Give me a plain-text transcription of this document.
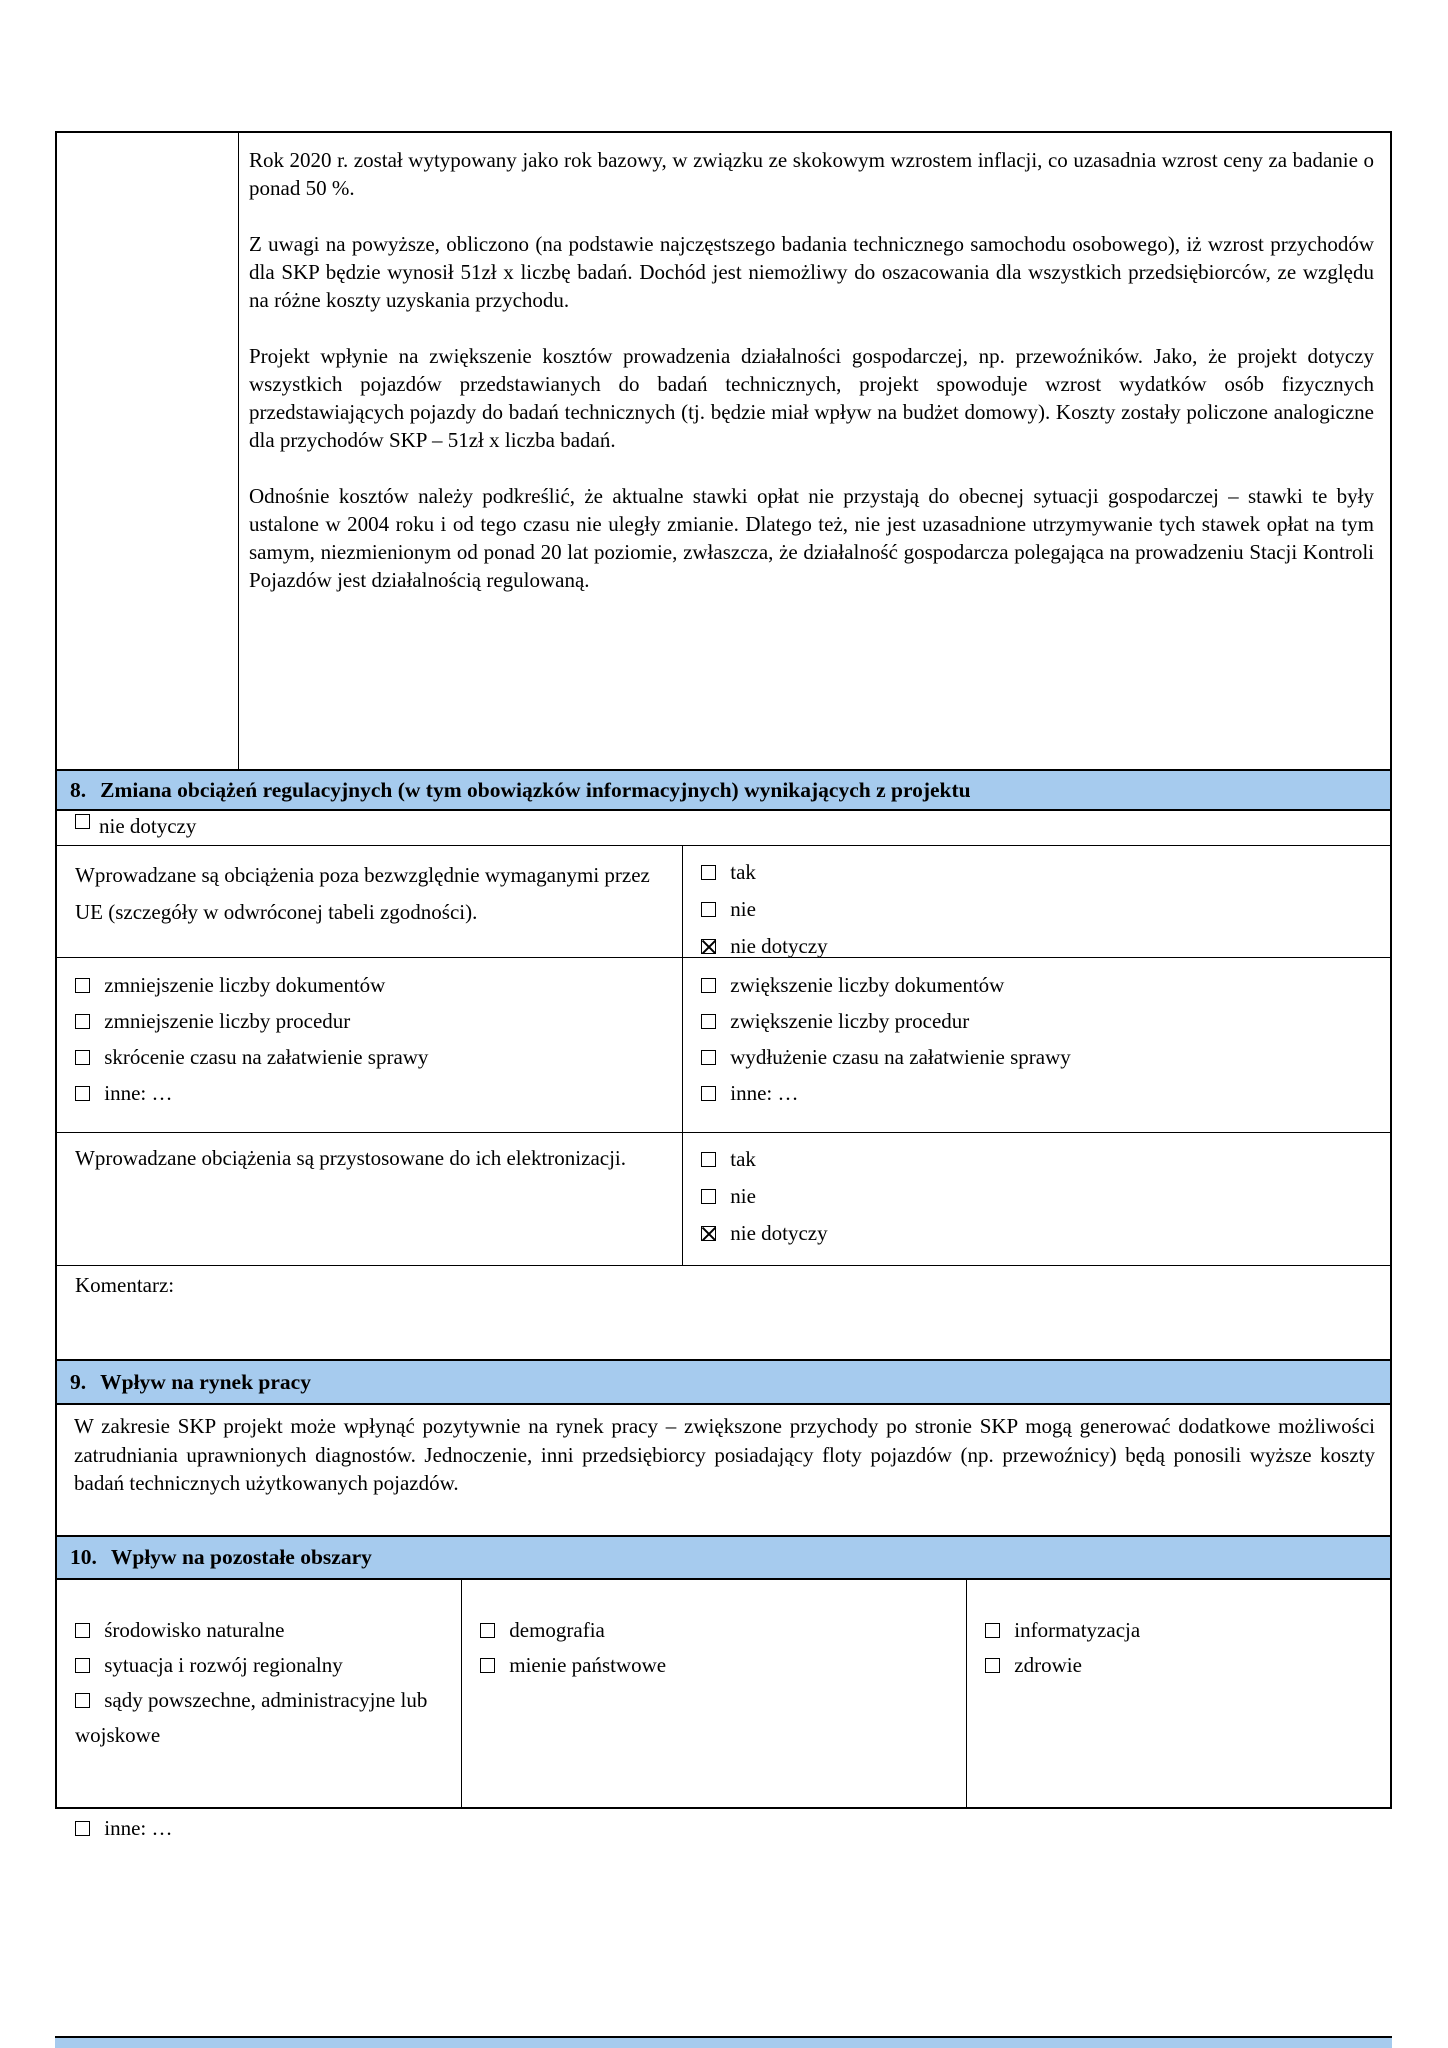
Rok 2020 r. został wytypowany jako rok bazowy, w związku ze skokowym wzrostem inflacji, co uzasadnia wzrost ceny za badanie o ponad 50 %.

Z uwagi na powyższe, obliczono (na podstawie najczęstszego badania technicznego samochodu osobowego), iż wzrost przychodów dla SKP będzie wynosił 51zł x liczbę badań. Dochód jest niemożliwy do oszacowania dla wszystkich przedsiębiorców, ze względu na różne koszty uzyskania przychodu.

Projekt wpłynie na zwiększenie kosztów prowadzenia działalności gospodarczej, np. przewoźników. Jako, że projekt dotyczy wszystkich pojazdów przedstawianych do badań technicznych, projekt spowoduje wzrost wydatków osób fizycznych przedstawiających pojazdy do badań technicznych (tj. będzie miał wpływ na budżet domowy). Koszty zostały policzone analogiczne dla przychodów SKP – 51zł x liczba badań.

Odnośnie kosztów należy podkreślić, że aktualne stawki opłat nie przystają do obecnej sytuacji gospodarczej – stawki te były ustalone w 2004 roku i od tego czasu nie uległy zmianie. Dlatego też, nie jest uzasadnione utrzymywanie tych stawek opłat na tym samym, niezmienionym od ponad 20 lat poziomie, zwłaszcza, że działalność gospodarcza polegająca na prowadzeniu Stacji Kontroli Pojazdów jest działalnością regulowaną.

8. Zmiana obciążeń regulacyjnych (w tym obowiązków informacyjnych) wynikających z projektu
nie dotyczy
Wprowadzane są obciążenia poza bezwzględnie wymaganymi przez UE (szczegóły w odwróconej tabeli zgodności).
tak
nie
nie dotyczy
zmniejszenie liczby dokumentów
zmniejszenie liczby procedur
skrócenie czasu na załatwienie sprawy
inne: …
zwiększenie liczby dokumentów
zwiększenie liczby procedur
wydłużenie czasu na załatwienie sprawy
inne: …
Wprowadzane obciążenia są przystosowane do ich elektronizacji.	tak
nie
nie dotyczy
Komentarz:
9. Wpływ na rynek pracy
W zakresie SKP projekt może wpłynąć pozytywnie na rynek pracy – zwiększone przychody po stronie SKP mogą generować dodatkowe możliwości zatrudniania uprawnionych diagnostów. Jednoczenie, inni przedsiębiorcy posiadający floty pojazdów (np. przewoźnicy) będą ponosili wyższe koszty badań technicznych użytkowanych pojazdów.
10. Wpływ na pozostałe obszary
środowisko naturalne
sytuacja i rozwój regionalny
sądy powszechne, administracyjne lub wojskowe
inne: …
demografia
mienie państwowe
informatyzacja
zdrowie
